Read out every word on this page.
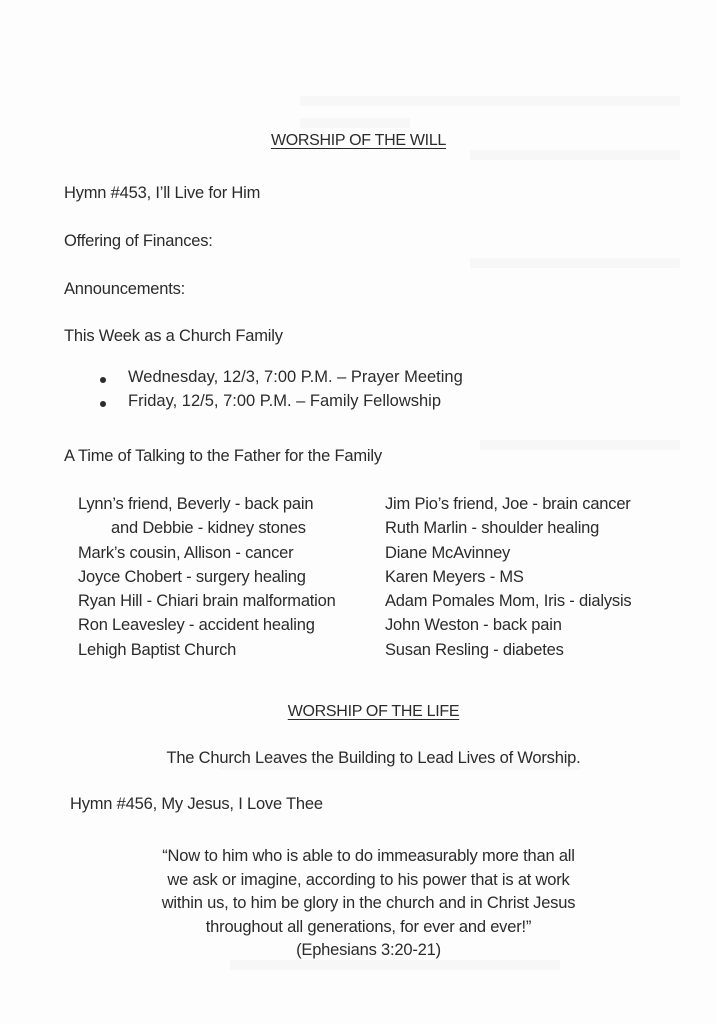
WORSHIP OF THE WILL
Hymn #453, I’ll Live for Him
Offering of Finances:
Announcements:
This Week as a Church Family
Wednesday, 12/3, 7:00 P.M. – Prayer Meeting
Friday, 12/5, 7:00 P.M. – Family Fellowship
A Time of Talking to the Father for the Family
Lynn’s friend, Beverly - back pain
and Debbie - kidney stones
Mark’s cousin, Allison - cancer
Joyce Chobert - surgery healing
Ryan Hill - Chiari brain malformation
Ron Leavesley - accident healing
Lehigh Baptist Church
Jim Pio’s friend, Joe - brain cancer
Ruth Marlin - shoulder healing
Diane McAvinney
Karen Meyers - MS
Adam Pomales Mom, Iris - dialysis
John Weston - back pain
Susan Resling - diabetes
WORSHIP OF THE LIFE
The Church Leaves the Building to Lead Lives of Worship.
Hymn #456, My Jesus, I Love Thee
“Now to him who is able to do immeasurably more than all
we ask or imagine, according to his power that is at work
within us, to him be glory in the church and in Christ Jesus
throughout all generations, for ever and ever!”
(Ephesians 3:20-21)
